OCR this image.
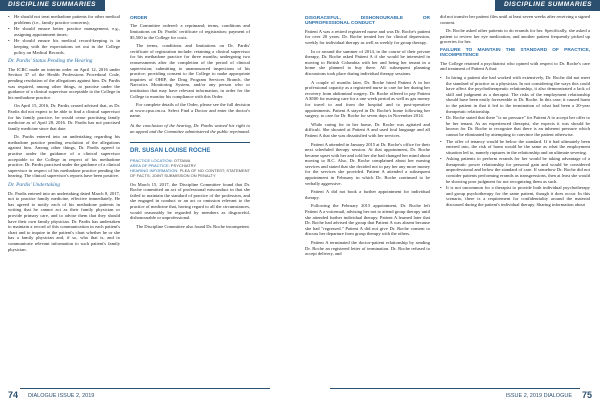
DISCIPLINE SUMMARIES	DISCIPLINE SUMMARIES
• He should not treat methadone patients for other medical problems (i.e., family practice concerns);
• He should ensure better practice management, e.g., assigning appointment times;
• He should ensure his medical record-keeping is in keeping with the expectations set out in the College policy on Medical Records.
Dr. Pardis' Status Pending the Hearing

The ICRC made an interim order on April 12, 2016 under Section 37 of the Health Professions Procedural Code, pending resolution of the allegations against him. Dr. Pardis was required, among other things, to practise under the guidance of a clinical supervisor acceptable to the College in his methadone practice.

On April 15, 2016, Dr. Pardis ceased advised that, as Dr. Pardis did not expect to be able to find a clinical supervisor for his family practice, he would cease practising family medicine as of April 28, 2016. Dr. Pardis has not practised family medicine since that date.

Dr. Pardis entered into an undertaking regarding his methadone practice pending resolution of the allegations against him. Among other things, Dr. Pardis agreed to practise under the guidance of a clinical supervisor acceptable to the College in respect of his methadone practice. Dr. Pardis practised under the guidance of a clinical supervisor in respect of his methadone practice pending the hearing. The clinical supervisor's reports have been positive.

Dr. Pardis' Undertaking

Dr. Pardis entered into an undertaking dated March 8, 2017, not to practise family medicine, effective immediately. He has agreed to notify each of his methadone patients in writing that he cannot act as their family physician or provide primary care, and to advise them that they should have their own family physician. Dr. Pardis has undertaken to maintain a record of this communication in each patient's chart and to inquire in the patient's chart whether he or she has a family physician and, if so, who that is, and to communicate relevant information to such patient's family physician.

ORDER

The Committee ordered: a reprimand; terms, conditions and limitations on Dr. Pardis' certificate of registration; payment of $5,500 to the College for costs.

The terms, conditions and limitations on Dr. Pardis' certificate of registration include: retaining a clinical supervisor for his methadone practice for three months; undergoing two reassessments after the completion of the period of clinical supervision; submitting to unannounced inspections of his practice; providing consent to the College to make appropriate inquiries of OHIP, the Drug Program Services Branch, the Narcotics Monitoring System, and/or any person who or institution that may have relevant information, in order for the College to monitor his compliance with this Order.

For complete details of the Order, please see the full decision at www.cpso.on.ca. Select Find a Doctor and enter the doctor's name.

At the conclusion of the hearing, Dr. Pardis waived his right to an appeal and the Committee administered the public reprimand.

DR. SUSAN LOUISE ROCHE
PRACTICE LOCATION: OTTAWA
AREA OF PRACTICE: PSYCHIATRY
HEARING INFORMATION: PLEA OF NO CONTEST; STATEMENT OF FACTS; JOINT SUBMISSION ON PENALTY

On March 15, 2017, the Discipline Committee found that Dr. Roche committed an act of professional misconduct in that she failed to maintain the standard of practice of the profession, and she engaged in conduct or an act or omission relevant to the practice of medicine that, having regard to all the circumstances, would reasonably be regarded by members as disgraceful, dishonourable or unprofessional.

The Discipline Committee also found Dr. Roche incompetent.

DISGRACEFUL, DISHONOURABLE OR UNPROFESSIONAL CONDUCT

Patient A was a retired registered nurse and was Dr. Roche's patient for over 20 years. Dr. Roche treated her for clinical depression, weekly for individual therapy as well as weekly for group therapy.

In or around the summer of 2014, in the course of their private therapy, Dr. Roche asked Patient A if she would be interested in moving to British Columbia with her and being her tenant in a home she planned to buy there. All subsequent planning discussions took place during individual therapy sessions.

A couple of months later, Dr. Roche hired Patient A in her professional capacity as a registered nurse to care for her during her recovery from abdominal surgery. Dr. Roche offered to pay Patient A $500 for nursing care for a one week period as well as gas money for travel to and from the hospital and to post-operative appointments. Patient A stayed in Dr. Roche's home following her surgery, to care for Dr. Roche for seven days in November 2014.

While caring for in her home, Dr. Roche was agitated and difficult. She shouted at Patient A and used foul language and all Patient A that she was dissatisfied with her services.

Patient A attended in January 2015 at Dr. Roche's office for their next scheduled therapy session. At that appointment, Dr. Roche became upset with her and told her she had changed her mind about moving to B.C. Also, Dr. Roche complained about her nursing services and stated that she decided not to pay her any more money for the services she provided. Patient A attended a subsequent appointment in February in which Dr. Roche continued to be verbally aggressive.

Patient A did not book a further appointment for individual therapy.

Following the February 2015 appointment, Dr. Roche left Patient A a voicemail, advising her not to attend group therapy until she attended further individual therapy. Patient A learned later that Dr. Roche had advised the group that Patient A was absent because she had "regressed." Patient A did not give Dr. Roche consent to discuss her departure from group therapy with the others.

Patient A terminated the doctor-patient relationship by sending Dr. Roche an registered letter of termination. Dr. Roche refused to accept delivery, and

did not transfer her patient files until at least seven weeks after receiving a signed consent.

Dr. Roche asked other patients to do errands for her. Specifically, she asked a patient to review her eye medication, and another patient frequently picked up groceries for her.

FAILURE TO MAINTAIN THE STANDARD OF PRACTICE, INCOMPETENCE

The College retained a psychiatrist who opined with respect to Dr. Roche's care and treatment of Patient A that:

• In hiring a patient she had worked with extensively, Dr. Roche did not meet the standard of practice as a physician. In not considering the ways this could have affect the psychotherapeutic relationship, it also demonstrated a lack of skill and judgment as a therapist. The risks of the employment relationship should have been easily foreseeable to Dr. Roche. In this case, it caused harm to the patient in that it led to the termination of what had been a 20-year therapeutic relationship.
• Dr. Roche stated that there "is no pressure" for Patient A to accept her offer to be her tenant. As an experienced therapist, she expects it was should be known for Dr. Roche to recognize that there is an inherent pressure which cannot be eliminated by attempting to convince the patient otherwise.
• The offer of tenancy would be below the standard. If it had ultimately been entered into, the risk of harm would be the same as what the employment situation led to, namely ruptures in the relationship and an ultimate severing.
• Asking patients to perform errands for her would be taking advantage of a therapeutic power relationship for personal gain and would be considered unprofessional and below the standard of care. If somehow Dr. Roche did not consider patients performing errands as transgressions, then at least she would be showing poor judgment for not recognizing them as such.
• It is not uncommon for a therapist to provide both individual psychotherapy and group psychotherapy for the same patient, though it does occur. In this scenario, there is a requirement for confidentiality around the material discussed during the patient's individual therapy. Sharing information about
74 DIALOGUE ISSUE 2, 2019	ISSUE 2, 2019 DIALOGUE 75
